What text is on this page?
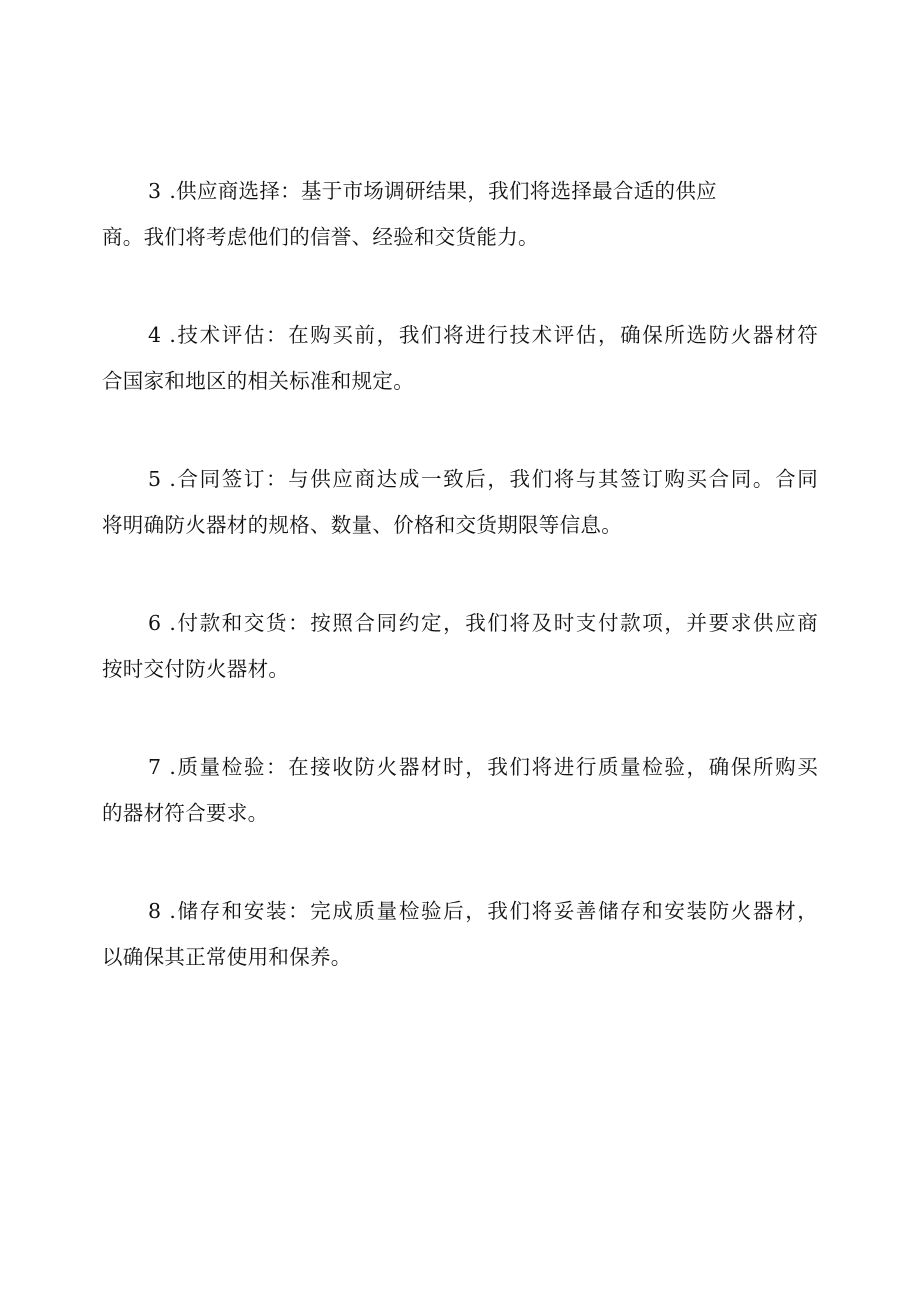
3 .供应商选择：基于市场调研结果，我们将选择最合适的供应
商。我们将考虑他们的信誉、经验和交货能力。
4 .技术评估：在购买前，我们将进行技术评估，确保所选防火器材符
合国家和地区的相关标准和规定。
5 .合同签订：与供应商达成一致后，我们将与其签订购买合同。合同
将明确防火器材的规格、数量、价格和交货期限等信息。
6 .付款和交货：按照合同约定，我们将及时支付款项，并要求供应商
按时交付防火器材。
7 .质量检验：在接收防火器材时，我们将进行质量检验，确保所购买
的器材符合要求。
8 .储存和安装：完成质量检验后，我们将妥善储存和安装防火器材，
以确保其正常使用和保养。
